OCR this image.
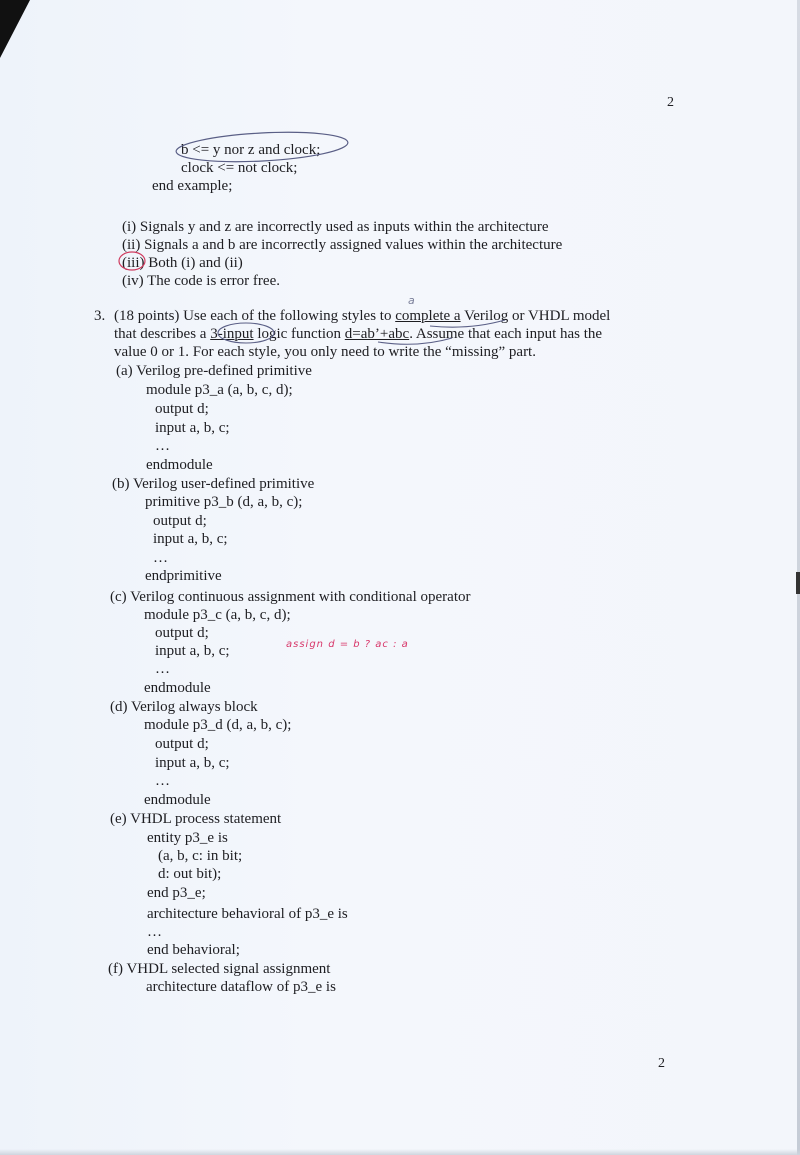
2
b <= y nor z and clock;
clock <= not clock;
end example;
(i) Signals y and z are incorrectly used as inputs within the architecture
(ii) Signals a and b are incorrectly assigned values within the architecture
(iii) Both (i) and (ii)
(iv) The code is error free.
3. (18 points) Use each of the following styles to complete a Verilog or VHDL model
that describes a 3-input logic function d=ab’+abc. Assume that each input has the
value 0 or 1. For each style, you only need to write the “missing” part.
(a) Verilog pre-defined primitive
module p3_a (a, b, c, d);
output d;
input a, b, c;
…
endmodule
(b) Verilog user-defined primitive
primitive p3_b (d, a, b, c);
output d;
input a, b, c;
…
endprimitive
(c) Verilog continuous assignment with conditional operator
module p3_c (a, b, c, d);
output d;
input a, b, c;	assign d = b ? ac : a
…
endmodule
(d) Verilog always block
module p3_d (d, a, b, c);
output d;
input a, b, c;
…
endmodule
(e) VHDL process statement
entity p3_e is
(a, b, c: in bit;
d: out bit);
end p3_e;
architecture behavioral of p3_e is
…
end behavioral;
(f) VHDL selected signal assignment
architecture dataflow of p3_e is
2
a
